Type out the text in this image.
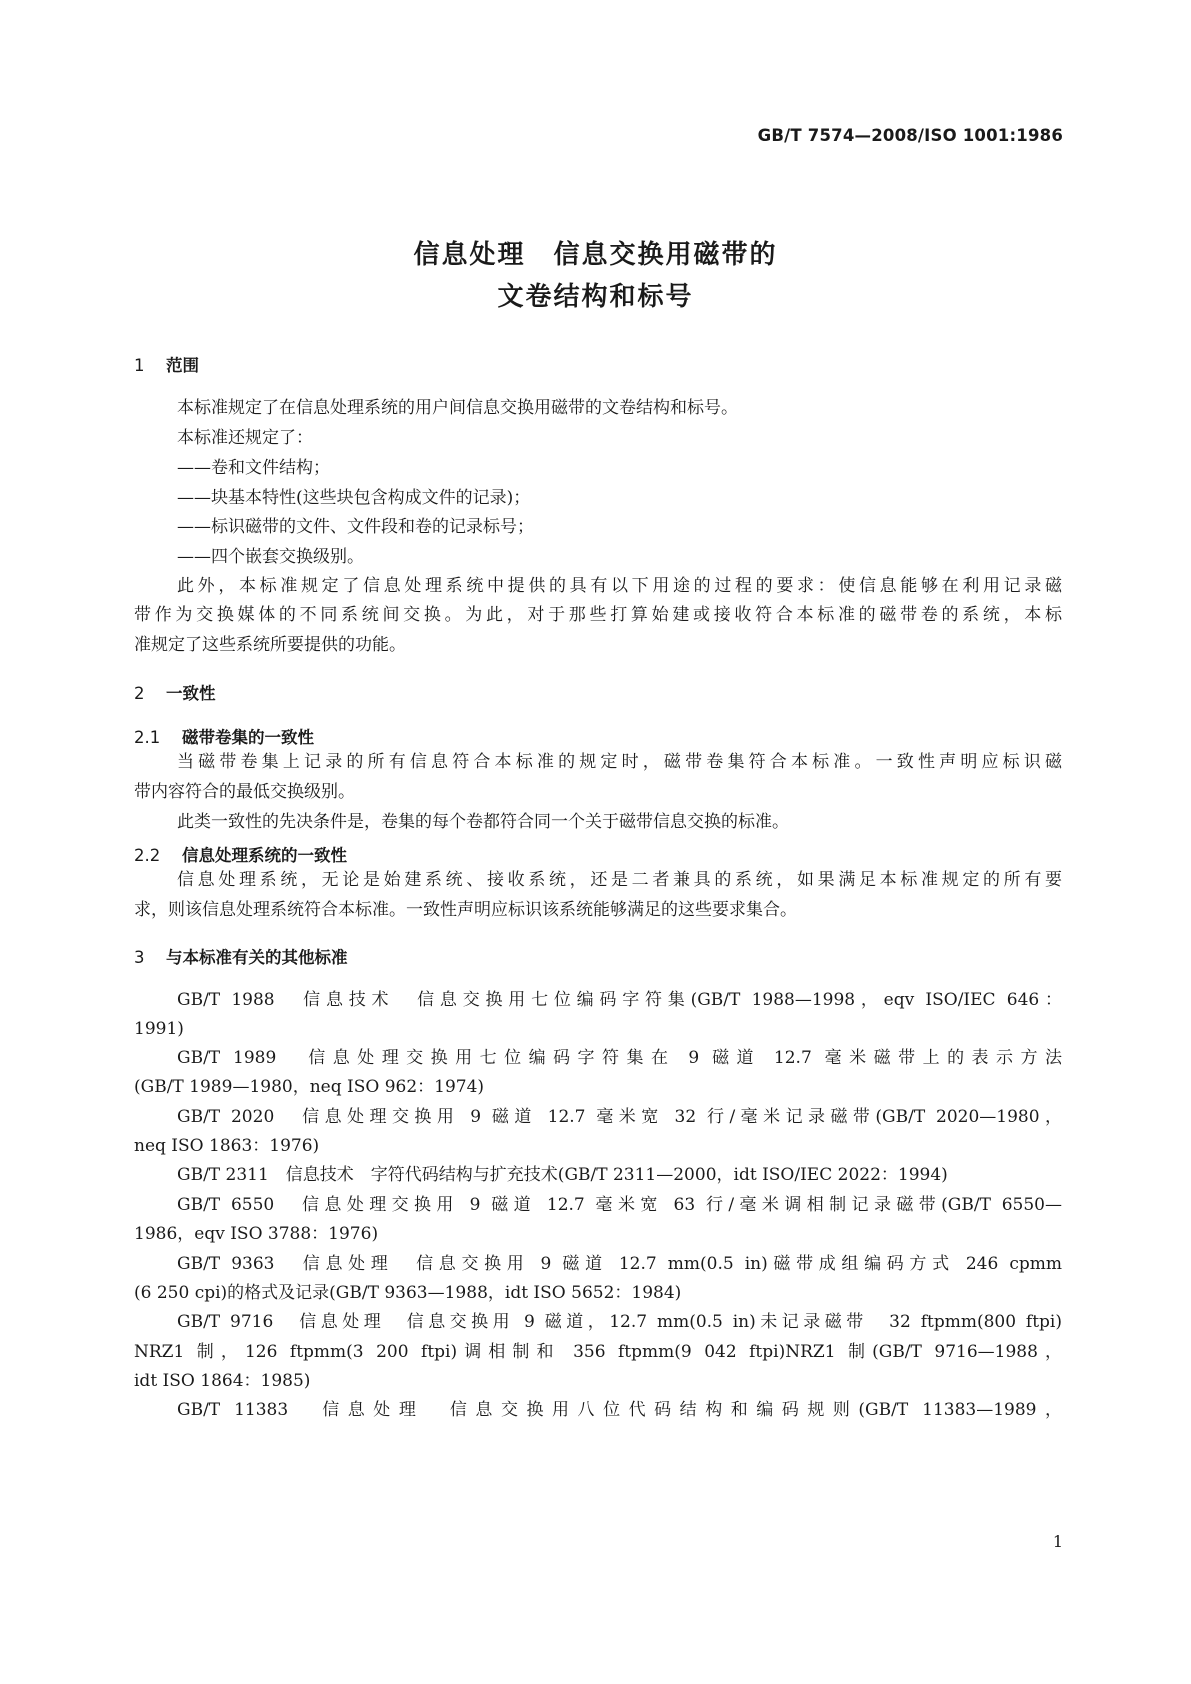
GB/T 7574—2008/ISO 1001:1986
信息处理　信息交换用磁带的
文卷结构和标号
1 范围
本标准规定了在信息处理系统的用户间信息交换用磁带的文卷结构和标号。
本标准还规定了：
——卷和文件结构；
——块基本特性(这些块包含构成文件的记录)；
——标识磁带的文件、文件段和卷的记录标号；
——四个嵌套交换级别。
此外，本标准规定了信息处理系统中提供的具有以下用途的过程的要求：使信息能够在利用记录磁
带作为交换媒体的不同系统间交换。为此，对于那些打算始建或接收符合本标准的磁带卷的系统，本标
准规定了这些系统所要提供的功能。
2 一致性
2.1 磁带卷集的一致性
当磁带卷集上记录的所有信息符合本标准的规定时，磁带卷集符合本标准。一致性声明应标识磁
带内容符合的最低交换级别。
此类一致性的先决条件是，卷集的每个卷都符合同一个关于磁带信息交换的标准。
2.2 信息处理系统的一致性
信息处理系统，无论是始建系统、接收系统，还是二者兼具的系统，如果满足本标准规定的所有要
求，则该信息处理系统符合本标准。一致性声明应标识该系统能够满足的这些要求集合。
3 与本标准有关的其他标准
GB/T 1988　信息技术　信息交换用七位编码字符集(GB/T 1988—1998，eqv ISO/IEC 646：
1991)
GB/T 1989　信息处理交换用七位编码字符集在 9 磁道 12.7 毫米磁带上的表示方法
(GB/T 1989—1980，neq ISO 962：1974)
GB/T 2020　信息处理交换用 9 磁道 12.7 毫米宽 32 行/毫米记录磁带(GB/T 2020—1980，
neq ISO 1863：1976)
GB/T 2311　信息技术　字符代码结构与扩充技术(GB/T 2311—2000，idt ISO/IEC 2022：1994)
GB/T 6550　信息处理交换用 9 磁道 12.7 毫米宽 63 行/毫米调相制记录磁带(GB/T 6550—
1986，eqv ISO 3788：1976)
GB/T 9363　信息处理　信息交换用 9 磁道 12.7 mm(0.5 in)磁带成组编码方式 246 cpmm
(6 250 cpi)的格式及记录(GB/T 9363—1988，idt ISO 5652：1984)
GB/T 9716　信息处理　信息交换用 9 磁道，12.7 mm(0.5 in)未记录磁带　32 ftpmm(800 ftpi)
NRZ1 制，126 ftpmm(3 200 ftpi)调相制和 356 ftpmm(9 042 ftpi)NRZ1 制(GB/T 9716—1988，
idt ISO 1864：1985)
GB/T 11383　信息处理　信息交换用八位代码结构和编码规则(GB/T 11383—1989，
1
